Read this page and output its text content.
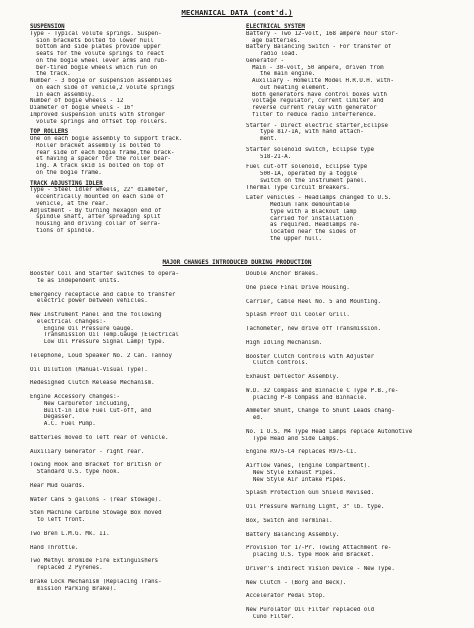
MECHANICAL DATA (cont'd.)
SUSPENSION
Type - Typical volute springs. Suspen-
sion brackets bolted to lower hull
bottom and side plates provide upper
seats for the volute springs to react
on the bogie wheel lever arms and rub-
ber-tired bogie wheels which run on
the track.
Number - 3 bogie or suspension assemblies
on each side of vehicle,2 volute springs
in each assembly.
Number of bogie wheels - 12
Diameter of bogie wheels - 16"
Improved suspension units with stronger
volute springs and offset top rollers.
TOP ROLLERS
One on each bogie assembly to support track.
Roller bracket assembly is bolted to
rear side of each bogie frame,the brack-
et having a spacer for the roller bear-
ing. A track skid is bolted on top of
on the bogie frame.
TRACK ADJUSTING IDLER
Type - Steel idler wheels, 22" diameter,
eccentrically mounted on each side of
vehicle, at the rear.
Adjustment - By turning hexagon end of
spindle shaft, after spreading split
housing and driving collar of serra-
tions of spindle.
ELECTRICAL SYSTEM
Battery - Two 12-volt, 168 ampere hour stor-
age batteries.
Battery Balancing Switch - For transfer of
radio load.
Generator -
Main - 30-volt, 50 ampere, driven from
the main engine.
Auxiliary - Homelite Model H.R.U.H. with-
out heating element.
Both generators have control boxes with
voltage regulator, current limiter and
reverse current relay with generator
filter to reduce radio interference.
Starter - Direct electric starter,Eclipse
type 817-1A, with hand attach-
ment.
Starter solenoid switch, Eclipse type
518-21-A.
Fuel cut-off solenoid, Eclipse type
500-1A, operated by a toggle
switch on the instrument panel.
Thermal Type Circuit Breakers.
Later vehicles - Headlamps changed to U.S.
Medium Tank demountable
type with a Blackout lamp
carried for installation
as required. Headlamps re-
located near the sides of
the upper hull.
MAJOR CHANGES INTRODUCED DURING PRODUCTION
Booster Coil and Starter switches to opera-
te as independent units.
Emergency receptacle and cable to transfer
electric power between vehicles.
New Instrument Panel and the following
electrical changes:-
Engine Oil Pressure Gauge.
Transmission Oil Temp.Gauge )Electrical
Low Oil Pressure Signal Lamp) type.
Telephone, Loud Speaker No. 2 Can. Tannoy
Oil Dilution (Manual-Visual Type).
Redesigned Clutch Release Mechanism.
Engine Accessory changes:-
New Carburetor including,
Built-in Idle Fuel Cut-off, and
Degasser.
A.C. Fuel Pump.
Batteries moved to left rear of vehicle.
Auxiliary Generator - right rear.
Towing Hook and Bracket for British or
Standard U.S. type hook.
Rear Mud Guards.
Water Cans 5 gallons - (rear stowage).
Sten Machine Carbine Stowage Box moved
to left front.
Two Bren L.M.G. Mk. II.
Hand Throttle.
Two Methyl Bromide Fire Extinguishers
replaced 2 Pyrenes.
Brake Lock Mechanism (Replacing Trans-
mission Parking Brake).
Double Anchor Brakes.
One piece Final Drive Housing.
Carrier, Cable Reel No. 5 and Mounting.
Splash Proof Oil Cooler Grill.
Tachometer, new drive off Transmission.
High Idling Mechanism.
Booster Clutch Controls with Adjuster
Clutch Controls.
Exhaust Deflector Assembly.
W.D. 32 Compass and Binnacle C Type P.B.,re-
placing P-8 Compass and Binnacle.
Ammeter Shunt, Change to Shunt Leads chang-
ed.
No. 1 U.S. M4 Type Head Lamps replace Automotive
Type Head and Side Lamps.
Engine R975-C4 replaces R975-C1.
Airflow Vanes, (Engine Compartment).
New Style Exhaust Pipes.
New Style Air Intake Pipes.
Splash Protection Gun Shield Revised.
Oil Pressure Warning Light, 3" lb. type.
Box, Switch and Terminal.
Battery Balancing Assembly.
Provision for 17-Pr. Towing Attachment re-
placing U.S. type Hook and Bracket.
Driver's Indirect Vision Device - New Type.
New Clutch - (Borg and Beck).
Accelerator Pedal Stop.
New Purolator Oil Filter replaced old
Cuno Filter.
